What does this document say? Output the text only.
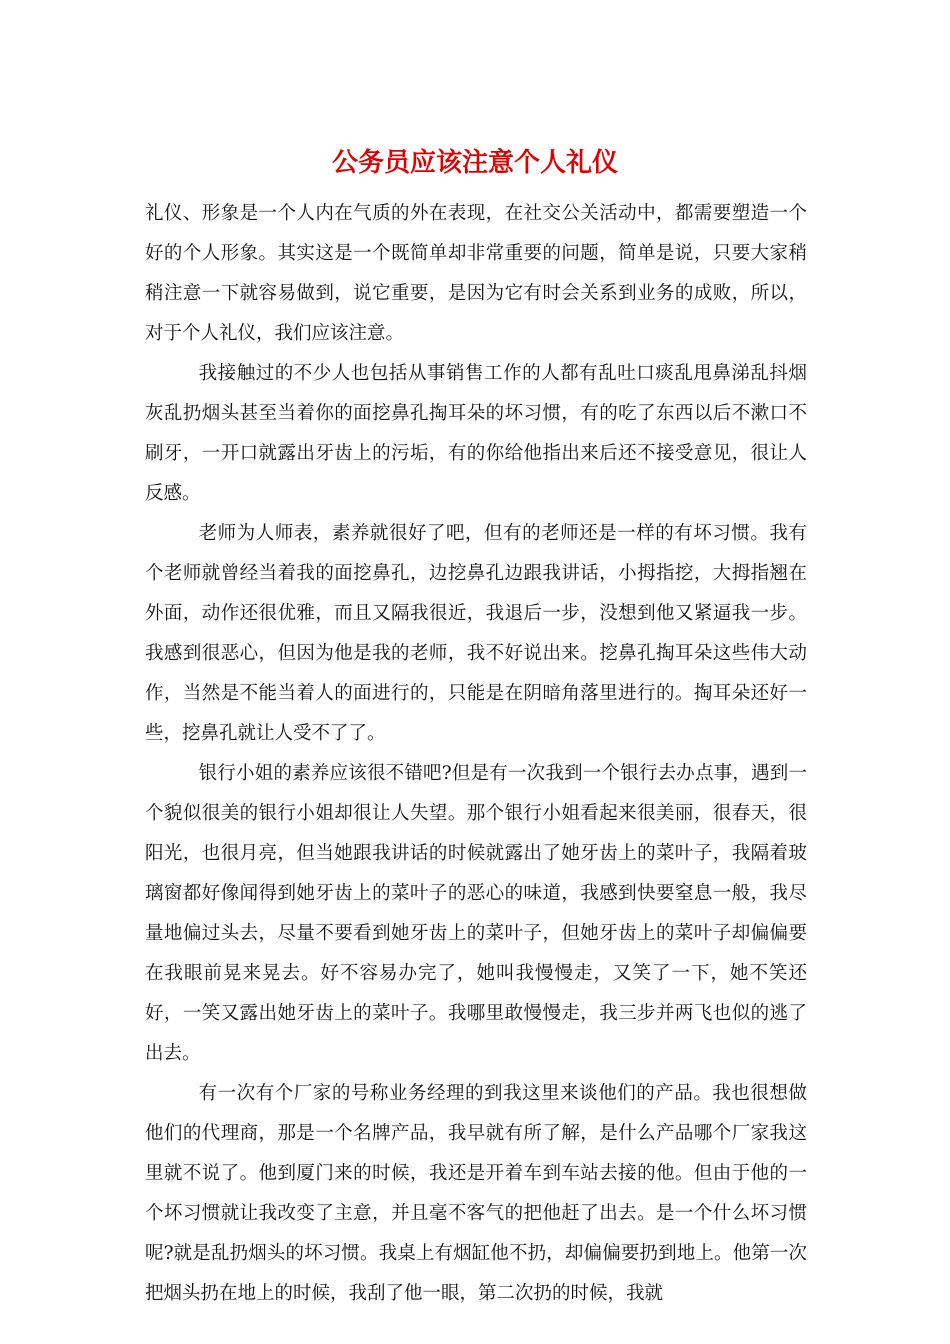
公务员应该注意个人礼仪

礼仪、形象是一个人内在气质的外在表现，在社交公关活动中，都需要塑造一个好的个人形象。其实这是一个既简单却非常重要的问题，简单是说，只要大家稍稍注意一下就容易做到，说它重要，是因为它有时会关系到业务的成败，所以，对于个人礼仪，我们应该注意。

我接触过的不少人也包括从事销售工作的人都有乱吐口痰乱甩鼻涕乱抖烟灰乱扔烟头甚至当着你的面挖鼻孔掏耳朵的坏习惯，有的吃了东西以后不漱口不刷牙，一开口就露出牙齿上的污垢，有的你给他指出来后还不接受意见，很让人反感。

老师为人师表，素养就很好了吧，但有的老师还是一样的有坏习惯。我有个老师就曾经当着我的面挖鼻孔，边挖鼻孔边跟我讲话，小拇指挖，大拇指翘在外面，动作还很优雅，而且又隔我很近，我退后一步，没想到他又紧逼我一步。我感到很恶心，但因为他是我的老师，我不好说出来。挖鼻孔掏耳朵这些伟大动作，当然是不能当着人的面进行的，只能是在阴暗角落里进行的。掏耳朵还好一些，挖鼻孔就让人受不了了。

银行小姐的素养应该很不错吧?但是有一次我到一个银行去办点事，遇到一个貌似很美的银行小姐却很让人失望。那个银行小姐看起来很美丽，很春天，很阳光，也很月亮，但当她跟我讲话的时候就露出了她牙齿上的菜叶子，我隔着玻璃窗都好像闻得到她牙齿上的菜叶子的恶心的味道，我感到快要窒息一般，我尽量地偏过头去，尽量不要看到她牙齿上的菜叶子，但她牙齿上的菜叶子却偏偏要在我眼前晃来晃去。好不容易办完了，她叫我慢慢走，又笑了一下，她不笑还好，一笑又露出她牙齿上的菜叶子。我哪里敢慢慢走，我三步并两飞也似的逃了出去。

有一次有个厂家的号称业务经理的到我这里来谈他们的产品。我也很想做他们的代理商，那是一个名牌产品，我早就有所了解，是什么产品哪个厂家我这里就不说了。他到厦门来的时候，我还是开着车到车站去接的他。但由于他的一个坏习惯就让我改变了主意，并且毫不客气的把他赶了出去。是一个什么坏习惯呢?就是乱扔烟头的坏习惯。我桌上有烟缸他不扔，却偏偏要扔到地上。他第一次把烟头扔在地上的时候，我刮了他一眼，第二次扔的时候，我就
